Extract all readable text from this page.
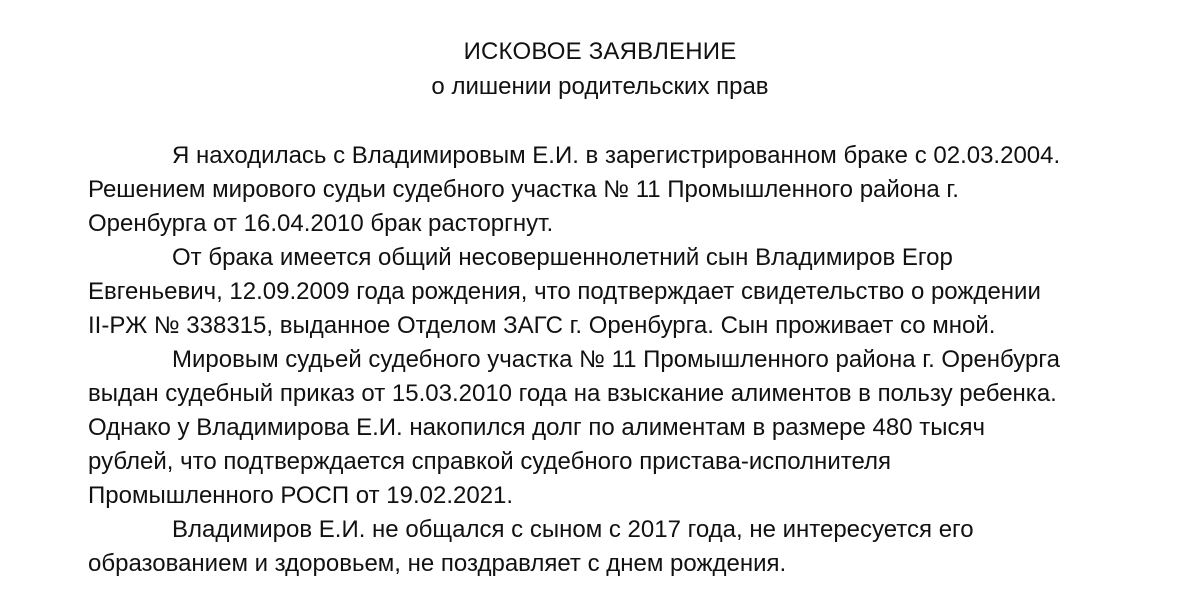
ИСКОВОЕ ЗАЯВЛЕНИЕ
о лишении родительских прав
Я находилась с Владимировым Е.И. в зарегистрированном браке с 02.03.2004.
Решением мирового судьи судебного участка № 11 Промышленного района г.
Оренбурга от 16.04.2010 брак расторгнут.
От брака имеется общий несовершеннолетний сын Владимиров Егор
Евгеньевич, 12.09.2009 года рождения, что подтверждает свидетельство о рождении
II-РЖ № 338315, выданное Отделом ЗАГС г. Оренбурга. Сын проживает со мной.
Мировым судьей судебного участка № 11 Промышленного района г. Оренбурга
выдан судебный приказ от 15.03.2010 года на взыскание алиментов в пользу ребенка.
Однако у Владимирова Е.И. накопился долг по алиментам в размере 480 тысяч
рублей, что подтверждается справкой судебного пристава-исполнителя
Промышленного РОСП от 19.02.2021.
Владимиров Е.И. не общался с сыном с 2017 года, не интересуется его
образованием и здоровьем, не поздравляет с днем рождения.
